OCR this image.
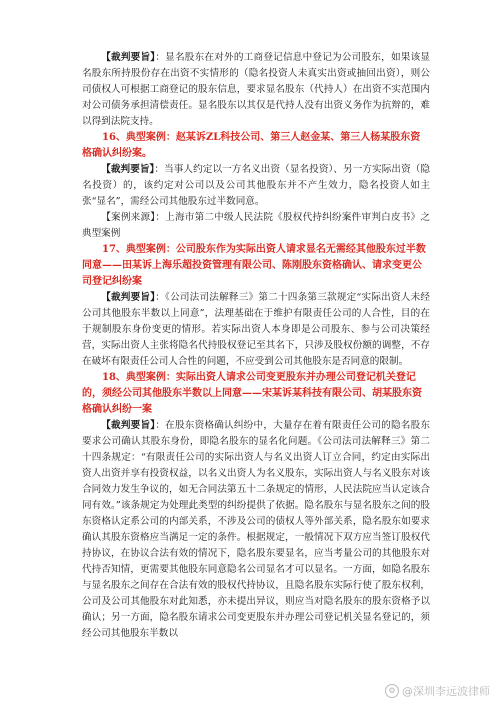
【裁判要旨】：显名股东在对外的工商登记信息中登记为公司股东，如果该显名股东所持股份存在出资不实情形的（隐名投资人未真实出资或抽回出资），则公司债权人可根据工商登记的股东信息，要求显名股东（代持人）在出资不实范围内对公司债务承担清偿责任。显名股东以其仅是代持人没有出资义务作为抗辩的，难以得到法院支持。

16、典型案例：赵某诉ZL科技公司、第三人赵金某、第三人杨某股东资格确认纠纷案。

【裁判要旨】：当事人约定以一方名义出资（显名投资）、另一方实际出资（隐名投资）的，该约定对公司以及公司其他股东并不产生效力，隐名投资人如主张“显名”，需经公司其他股东过半数同意。

【案例来源】：上海市第二中级人民法院《股权代持纠纷案件审判白皮书》之典型案例

17、典型案例：公司股东作为实际出资人请求显名无需经其他股东过半数同意——田某诉上海乐超投资管理有限公司、陈刚股东资格确认、请求变更公司登记纠纷案

【裁判要旨】：《公司法司法解释三》第二十四条第三款规定“实际出资人未经公司其他股东半数以上同意”，法理基础在于维护有限责任公司的人合性，目的在于规制股东身份变更的情形。若实际出资人本身即是公司股东、参与公司决策经营，实际出资人主张将隐名代持股权登记至其名下，只涉及股权份额的调整，不存在破坏有限责任公司人合性的问题，不应受到公司其他股东是否同意的限制。

18、典型案例：实际出资人请求公司变更股东并办理公司登记机关登记的，须经公司其他股东半数以上同意——宋某诉某科技有限公司、胡某股东资格确认纠纷一案

【裁判要旨】：在股东资格确认纠纷中，大量存在着有限责任公司的隐名股东要求公司确认其股东身份，即隐名股东的显名化问题。《公司法司法解释三》第二十四条规定：“有限责任公司的实际出资人与名义出资人订立合同，约定由实际出资人出资并享有投资权益，以名义出资人为名义股东，实际出资人与名义股东对该合同效力发生争议的，如无合同法第五十二条规定的情形，人民法院应当认定该合同有效。”该条规定为处理此类型的纠纷提供了依据。隐名股东与显名股东之间的股东资格认定系公司的内部关系，不涉及公司的债权人等外部关系，隐名股东如要求确认其股东资格应当满足一定的条件。根据规定，一般情况下双方应当签订股权代持协议，在协议合法有效的情况下，隐名股东要显名，应当考量公司的其他股东对代持否知情，更需要其他股东同意隐名公司显名才可以显名。一方面，如隐名股东与显名股东之间存在合法有效的股权代持协议，且隐名股东实际行使了股东权利，公司及公司其他股东对此知悉，亦未提出异议，则应当对隐名股东的股东资格予以确认；另一方面，隐名股东请求公司变更股东并办理公司登记机关显名登记的，须经公司其他股东半数以

⚙ @深圳李远波律师
